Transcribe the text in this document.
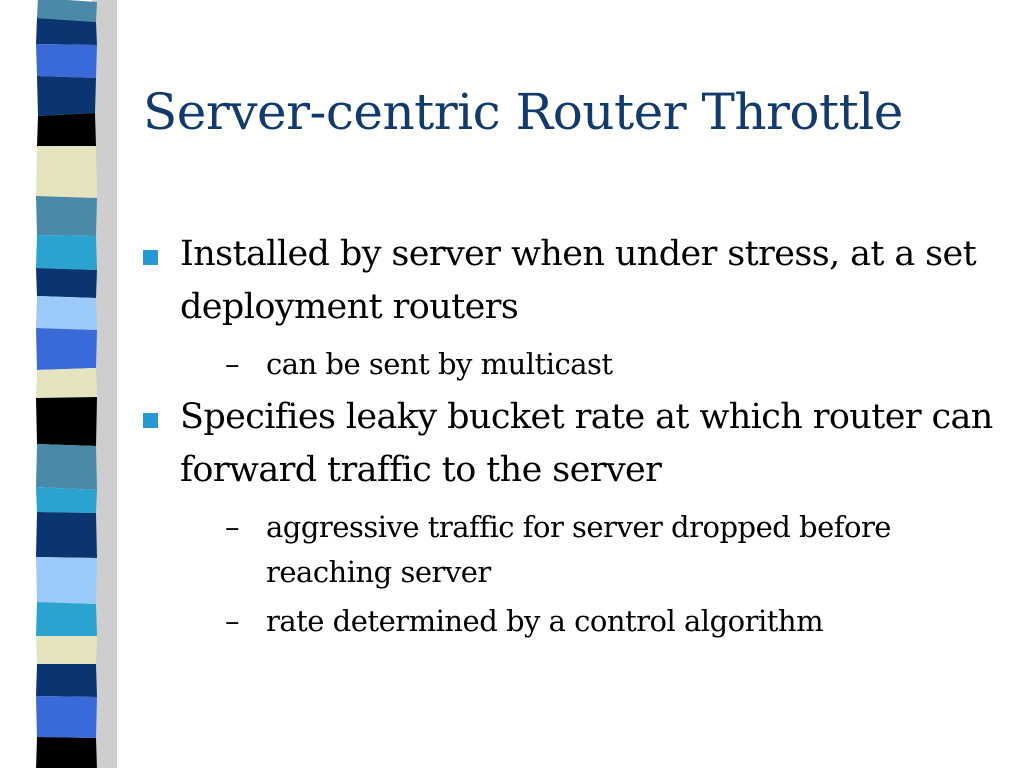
Server-centric Router Throttle
Installed by server when under stress, at a set deployment routers
– can be sent by multicast
Specifies leaky bucket rate at which router can forward traffic to the server
– aggressive traffic for server dropped before reaching server
– rate determined by a control algorithm
